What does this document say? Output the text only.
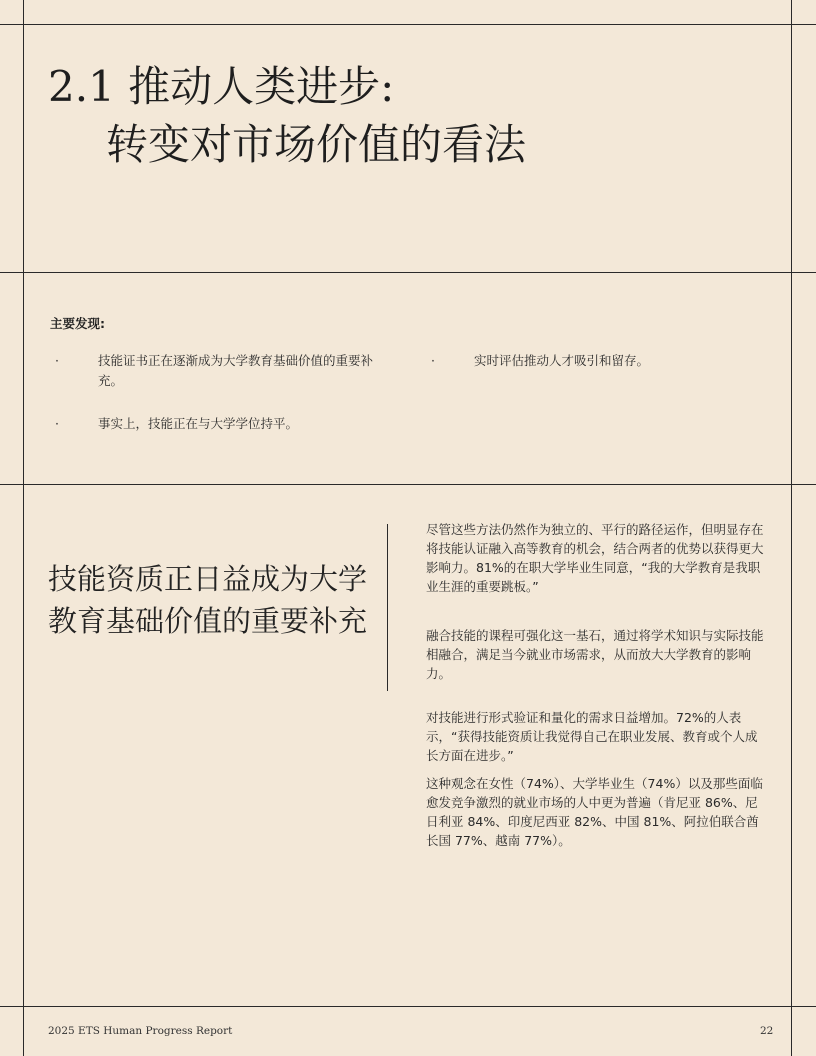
2.1 推动人类进步:
转变对市场价值的看法
主要发现:
·	技能证书正在逐渐成为大学教育基础价值的重要补充。
·	实时评估推动人才吸引和留存。
·	事实上，技能正在与大学学位持平。
技能资质正日益成为大学教育基础价值的重要补充

尽管这些方法仍然作为独立的、平行的路径运作，但明显存在将技能认证融入高等教育的机会，结合两者的优势以获得更大影响力。81%的在职大学毕业生同意，“我的大学教育是我职业生涯的重要跳板。”

融合技能的课程可强化这一基石，通过将学术知识与实际技能相融合，满足当今就业市场需求，从而放大大学教育的影响力。

对技能进行形式验证和量化的需求日益增加。72%的人表示，“获得技能资质让我觉得自己在职业发展、教育或个人成长方面在进步。”

这种观念在女性（74%）、大学毕业生（74%）以及那些面临愈发竞争激烈的就业市场的人中更为普遍（肯尼亚 86%、尼日利亚 84%、印度尼西亚 82%、中国 81%、阿拉伯联合酋长国 77%、越南 77%）。

2025 ETS Human Progress Report	22
